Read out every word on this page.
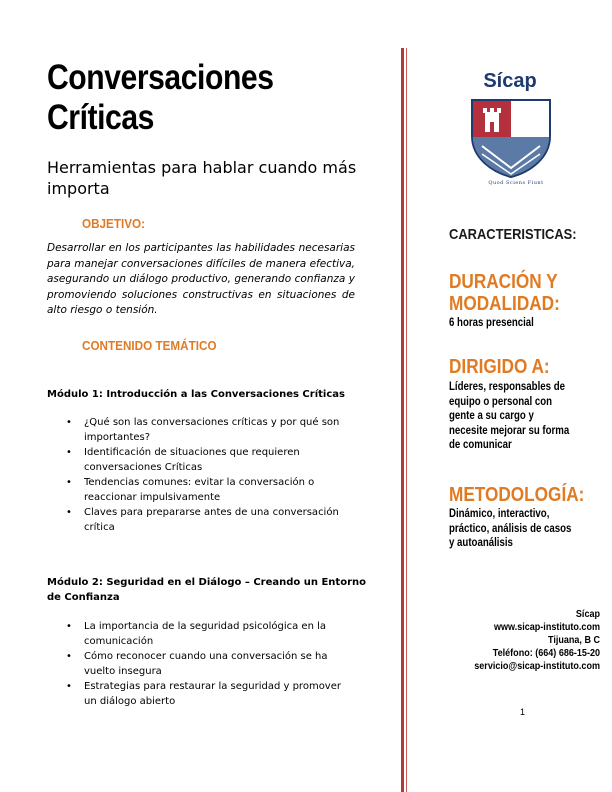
Conversaciones
Críticas

Herramientas para hablar cuando más importa

OBJETIVO:

Desarrollar en los participantes las habilidades necesarias para manejar conversaciones difíciles de manera efectiva, asegurando un diálogo productivo, generando confianza y promoviendo soluciones constructivas en situaciones de alto riesgo o tensión.

CONTENIDO TEMÁTICO

Módulo 1: Introducción a las Conversaciones Críticas

• ¿Qué son las conversaciones críticas y por qué son importantes?
• Identificación de situaciones que requieren conversaciones Críticas
• Tendencias comunes: evitar la conversación o reaccionar impulsivamente
• Claves para prepararse antes de una conversación crítica

Módulo 2: Seguridad en el Diálogo – Creando un Entorno de Confianza

• La importancia de la seguridad psicológica en la comunicación
• Cómo reconocer cuando una conversación se ha vuelto insegura
• Estrategias para restaurar la seguridad y promover un diálogo abierto

Sícap

Quod Sciens Fiunt
CARACTERISTICAS:
DURACIÓN Y
MODALIDAD:

6 horas presencial

DIRIGIDO A:

Líderes, responsables de equipo o personal con gente a su cargo y necesite mejorar su forma de comunicar

METODOLOGÍA:

Dinámico, interactivo, práctico, análisis de casos y autoanálisis

Sícap
www.sicap-instituto.com
Tijuana, B C
Teléfono: (664) 686-15-20
servicio@sicap-instituto.com
1
